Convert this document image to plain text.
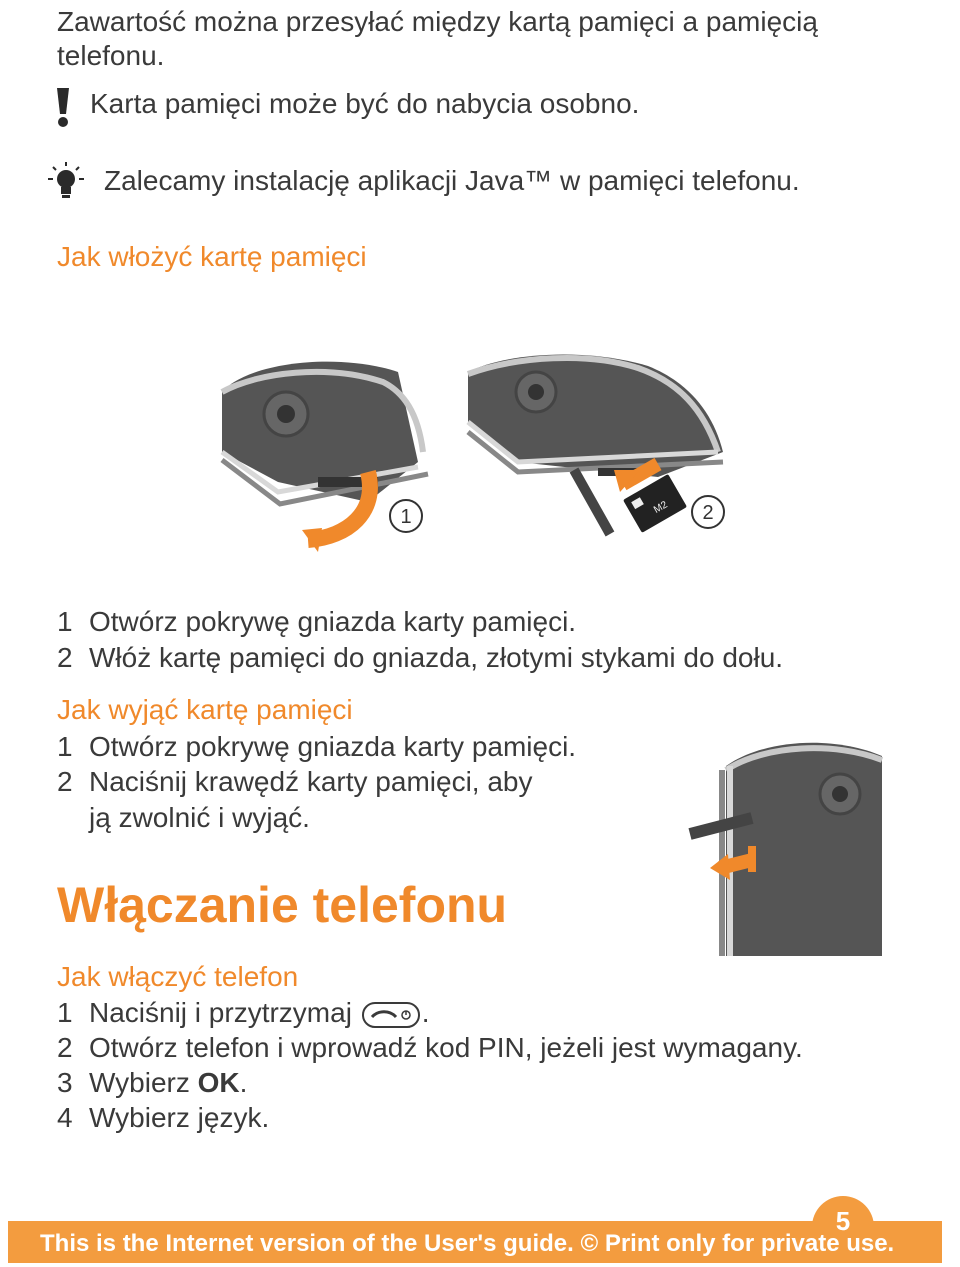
Zawartość można przesyłać między kartą pamięci a pamięcią
telefonu.
Karta pamięci może być do nabycia osobno.
Zalecamy instalację aplikacji Java™ w pamięci telefonu.
Jak włożyć kartę pamięci
1	M2 2
1 Otwórz pokrywę gniazda karty pamięci.
2 Włóż kartę pamięci do gniazda, złotymi stykami do dołu.
Jak wyjąć kartę pamięci
1 Otwórz pokrywę gniazda karty pamięci.
2 Naciśnij krawędź karty pamięci, aby
ją zwolnić i wyjąć.
Włączanie telefonu
Jak włączyć telefon
1 Naciśnij i przytrzymaj .
2 Otwórz telefon i wprowadź kod PIN, jeżeli jest wymagany.
3 Wybierz OK.
4 Wybierz język.
5
This is the Internet version of the User's guide. © Print only for private use.
